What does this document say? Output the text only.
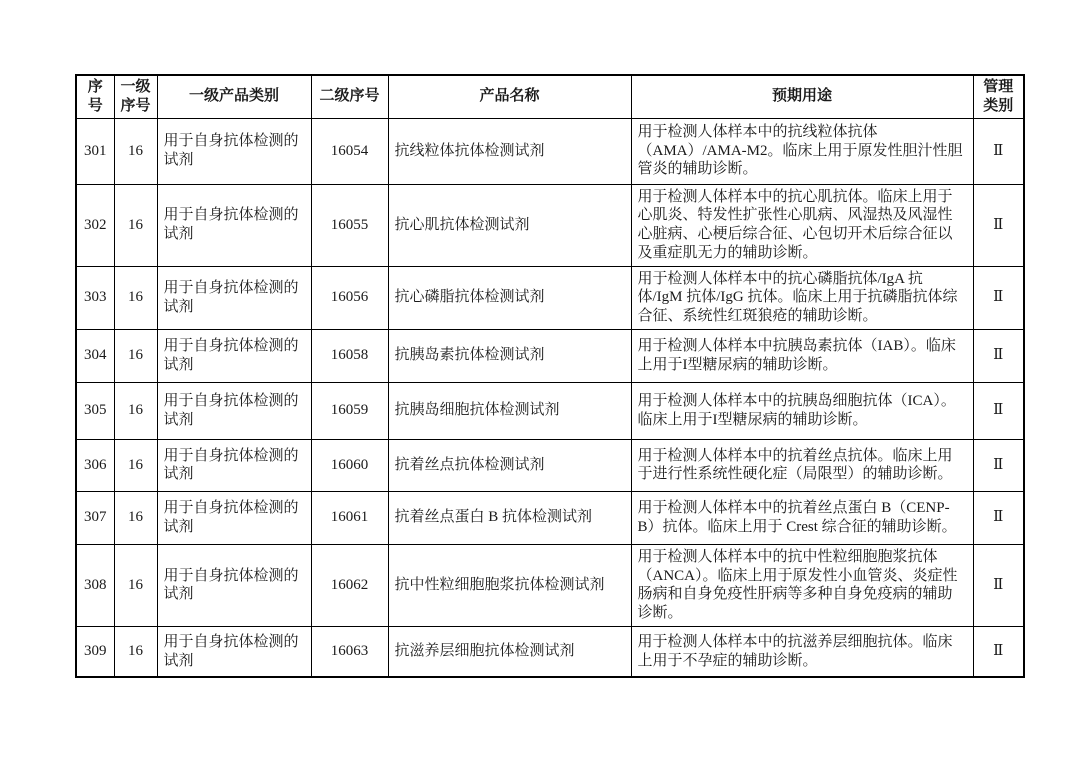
序号	一级序号	一级产品类别	二级序号	产品名称	预期用途	管理类别
301	16	用于自身抗体检测的试剂	16054	抗线粒体抗体检测试剂	用于检测人体样本中的抗线粒体抗体（AMA）/AMA-M2。临床上用于原发性胆汁性胆管炎的辅助诊断。	Ⅱ
302	16	用于自身抗体检测的试剂	16055	抗心肌抗体检测试剂	用于检测人体样本中的抗心肌抗体。临床上用于心肌炎、特发性扩张性心肌病、风湿热及风湿性心脏病、心梗后综合征、心包切开术后综合征以及重症肌无力的辅助诊断。	Ⅱ
303	16	用于自身抗体检测的试剂	16056	抗心磷脂抗体检测试剂	用于检测人体样本中的抗心磷脂抗体/IgA 抗体/IgM 抗体/IgG 抗体。临床上用于抗磷脂抗体综合征、系统性红斑狼疮的辅助诊断。	Ⅱ
304	16	用于自身抗体检测的试剂	16058	抗胰岛素抗体检测试剂	用于检测人体样本中抗胰岛素抗体（IAB）。临床上用于I型糖尿病的辅助诊断。	Ⅱ
305	16	用于自身抗体检测的试剂	16059	抗胰岛细胞抗体检测试剂	用于检测人体样本中的抗胰岛细胞抗体（ICA）。临床上用于I型糖尿病的辅助诊断。	Ⅱ
306	16	用于自身抗体检测的试剂	16060	抗着丝点抗体检测试剂	用于检测人体样本中的抗着丝点抗体。临床上用于进行性系统性硬化症（局限型）的辅助诊断。	Ⅱ
307	16	用于自身抗体检测的试剂	16061	抗着丝点蛋白 B 抗体检测试剂	用于检测人体样本中的抗着丝点蛋白 B（CENP-B）抗体。临床上用于 Crest 综合征的辅助诊断。	Ⅱ
308	16	用于自身抗体检测的试剂	16062	抗中性粒细胞胞浆抗体检测试剂	用于检测人体样本中的抗中性粒细胞胞浆抗体（ANCA）。临床上用于原发性小血管炎、炎症性肠病和自身免疫性肝病等多种自身免疫病的辅助诊断。	Ⅱ
309	16	用于自身抗体检测的试剂	16063	抗滋养层细胞抗体检测试剂	用于检测人体样本中的抗滋养层细胞抗体。临床上用于不孕症的辅助诊断。	Ⅱ
